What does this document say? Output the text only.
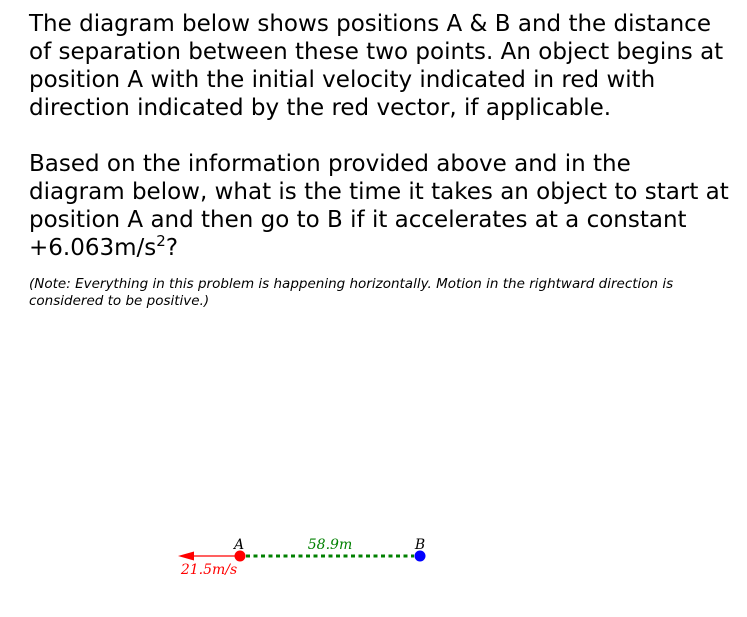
The diagram below shows positions A & B and the distance of separation between these two points. An object begins at position A with the initial velocity indicated in red with direction indicated by the red vector, if applicable.

Based on the information provided above and in the diagram below, what is the time it takes an object to start at position A and then go to B if it accelerates at a constant $+6.063m/s^2$?

(Note: Everything in this problem is happening horizontally. Motion in the rightward direction is considered to be positive.)

A	B
58.9m
21.5m/s
